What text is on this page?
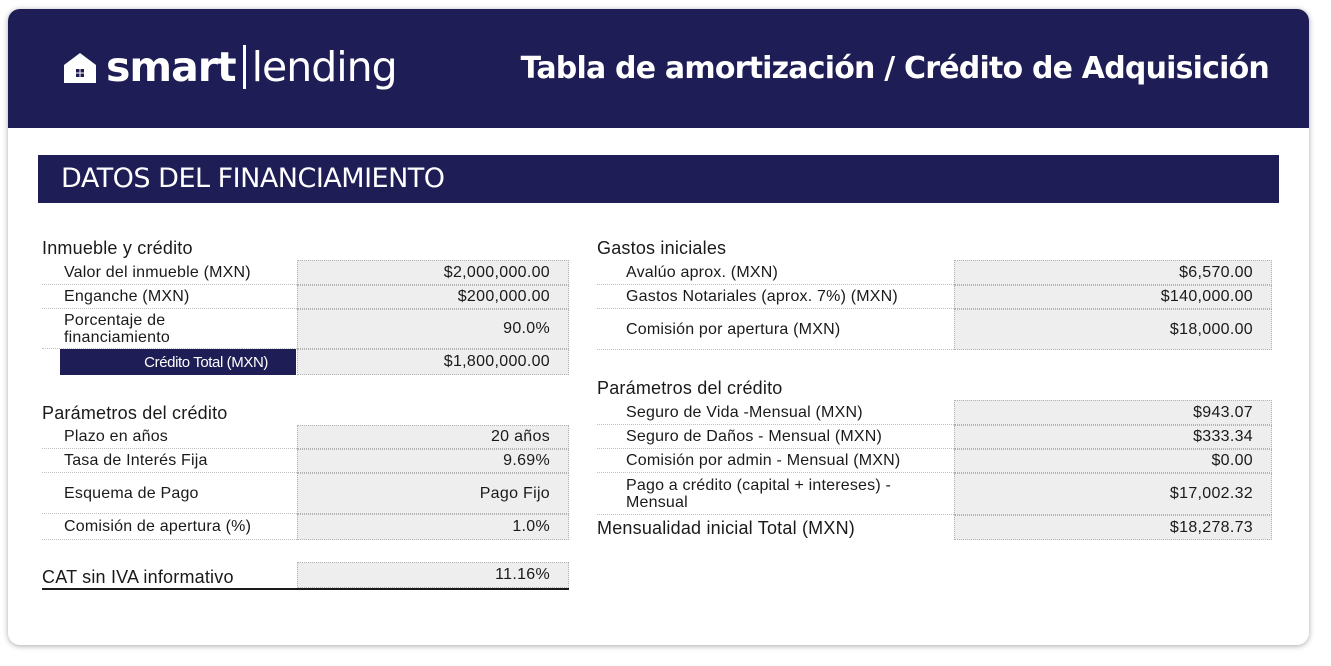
smart lending	Tabla de amortización / Crédito de Adquisición
DATOS DEL FINANCIAMIENTO
Inmueble y crédito
Valor del inmueble (MXN)	$2,000,000.00
Enganche (MXN)	$200,000.00
Porcentaje de financiamiento	90.0%
Crédito Total (MXN)	$1,800,000.00
Parámetros del crédito
Plazo en años	20 años
Tasa de Interés Fija	9.69%
Esquema de Pago	Pago Fijo
Comisión de apertura (%)	1.0%
CAT sin IVA informativo	11.16%
Gastos iniciales
Avalúo aprox. (MXN)	$6,570.00
Gastos Notariales (aprox. 7%) (MXN)	$140,000.00
Comisión por apertura (MXN)	$18,000.00
Parámetros del crédito
Seguro de Vida -Mensual (MXN)	$943.07
Seguro de Daños - Mensual (MXN)	$333.34
Comisión por admin - Mensual (MXN)	$0.00
Pago a crédito (capital + intereses) - Mensual	$17,002.32
Mensualidad inicial Total (MXN)	$18,278.73
